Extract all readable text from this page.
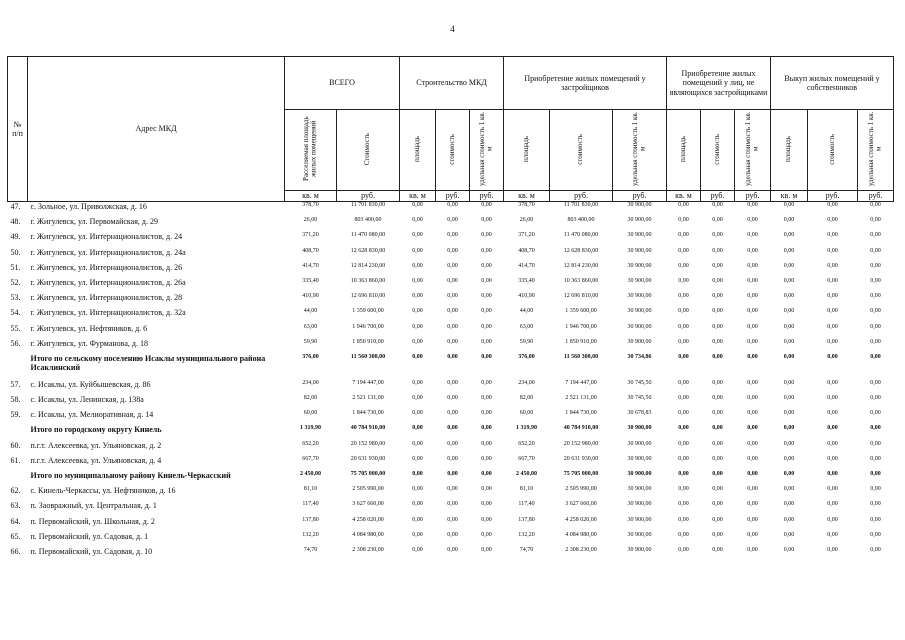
4
№
п/п	Адрес МКД	ВСЕГО		Строительство МКД			Приобретение жилых помещений у застройщиков			Приобретение жилых помещений у лиц, не являющихся застройщиками			Выкуп жилых помещений у собственников		
		Расселяемая площадь жилых помещений	Стоимость	площадь	стоимость	удельная стоимость 1 кв. м	площадь	стоимость	удельная стоимость 1 кв. м	площадь	стоимость	удельная стоимость 1 кв. м	площадь	стоимость	удельная стоимость 1 кв. м
		кв. м	руб.	кв. м	руб.	руб.	кв. м	руб.	руб.	кв. м	руб.	руб.	кв. м	руб.	руб.
47.	с. Зольное, ул. Приволжская, д. 16	378,70	11 701 830,00	0,00	0,00	0,00	378,70	11 701 830,00	30 900,00	0,00	0,00	0,00	0,00	0,00	0,00
48.	г. Жигулевск, ул. Первомайская, д. 29	26,00	803 400,00	0,00	0,00	0,00	26,00	803 400,00	30 900,00	0,00	0,00	0,00	0,00	0,00	0,00
49.	г. Жигулевск, ул. Интернационалистов, д. 24	371,20	11 470 080,00	0,00	0,00	0,00	371,20	11 470 080,00	30 900,00	0,00	0,00	0,00	0,00	0,00	0,00
50.	г. Жигулевск, ул. Интернационалистов, д. 24а	408,70	12 628 830,00	0,00	0,00	0,00	408,70	12 628 830,00	30 900,00	0,00	0,00	0,00	0,00	0,00	0,00
51.	г. Жигулевск, ул. Интернационалистов, д. 26	414,70	12 814 230,00	0,00	0,00	0,00	414,70	12 814 230,00	30 900,00	0,00	0,00	0,00	0,00	0,00	0,00
52.	г. Жигулевск, ул. Интернационалистов, д. 26а	335,40	10 363 860,00	0,00	0,00	0,00	335,40	10 363 860,00	30 900,00	0,00	0,00	0,00	0,00	0,00	0,00
53.	г. Жигулевск, ул. Интернационалистов, д. 28	410,90	12 696 810,00	0,00	0,00	0,00	410,90	12 696 810,00	30 900,00	0,00	0,00	0,00	0,00	0,00	0,00
54.	г. Жигулевск, ул. Интернационалистов, д. 32а	44,00	1 359 600,00	0,00	0,00	0,00	44,00	1 359 600,00	30 900,00	0,00	0,00	0,00	0,00	0,00	0,00
55.	г. Жигулевск, ул. Нефтяников, д. 6	63,00	1 946 700,00	0,00	0,00	0,00	63,00	1 946 700,00	30 900,00	0,00	0,00	0,00	0,00	0,00	0,00
56.	г. Жигулевск, ул. Фурманова, д. 18	59,90	1 850 910,00	0,00	0,00	0,00	59,90	1 850 910,00	30 900,00	0,00	0,00	0,00	0,00	0,00	0,00
	Итого по сельскому поселению Исаклы муниципального района Исаклинский	376,00	11 560 308,00	0,00	0,00	0,00	376,00	11 560 308,00	30 734,86	0,00	0,00	0,00	0,00	0,00	0,00
57.	с. Исаклы, ул. Куйбышевская, д. 86	234,00	7 194 447,00	0,00	0,00	0,00	234,00	7 194 447,00	30 745,50	0,00	0,00	0,00	0,00	0,00	0,00
58.	с. Исаклы, ул. Ленинская, д. 138а	82,00	2 521 131,00	0,00	0,00	0,00	82,00	2 521 131,00	30 745,50	0,00	0,00	0,00	0,00	0,00	0,00
59.	с. Исаклы, ул. Мелиоративная, д. 14	60,00	1 844 730,00	0,00	0,00	0,00	60,00	1 844 730,00	30 678,83	0,00	0,00	0,00	0,00	0,00	0,00
	Итого по городскому округу Кинель	1 319,90	40 784 910,00	0,00	0,00	0,00	1 319,90	40 784 910,00	30 900,00	0,00	0,00	0,00	0,00	0,00	0,00
60.	п.г.т. Алексеевка, ул. Ульяновская, д. 2	652,20	20 152 980,00	0,00	0,00	0,00	652,20	20 152 980,00	30 900,00	0,00	0,00	0,00	0,00	0,00	0,00
61.	п.г.т. Алексеевка, ул. Ульяновская, д. 4	667,70	20 631 930,00	0,00	0,00	0,00	667,70	20 631 930,00	30 900,00	0,00	0,00	0,00	0,00	0,00	0,00
	Итого по муниципальному району Кинель-Черкасский	2 450,00	75 705 000,00	0,00	0,00	0,00	2 450,00	75 705 000,00	30 900,00	0,00	0,00	0,00	0,00	0,00	0,00
62.	с. Кинель-Черкассы, ул. Нефтяников, д. 16	81,10	2 505 990,00	0,00	0,00	0,00	81,10	2 505 990,00	30 900,00	0,00	0,00	0,00	0,00	0,00	0,00
63.	п. Заовражный, ул. Центральная, д. 1	117,40	3 627 660,00	0,00	0,00	0,00	117,40	3 627 660,00	30 900,00	0,00	0,00	0,00	0,00	0,00	0,00
64.	п. Первомайский, ул. Школьная, д. 2	137,80	4 258 020,00	0,00	0,00	0,00	137,80	4 258 020,00	30 900,00	0,00	0,00	0,00	0,00	0,00	0,00
65.	п. Первомайский, ул. Садовая, д. 1	132,20	4 084 980,00	0,00	0,00	0,00	132,20	4 084 980,00	30 900,00	0,00	0,00	0,00	0,00	0,00	0,00
66.	п. Первомайский, ул. Садовая, д. 10	74,70	2 308 230,00	0,00	0,00	0,00	74,70	2 308 230,00	30 900,00	0,00	0,00	0,00	0,00	0,00	0,00
